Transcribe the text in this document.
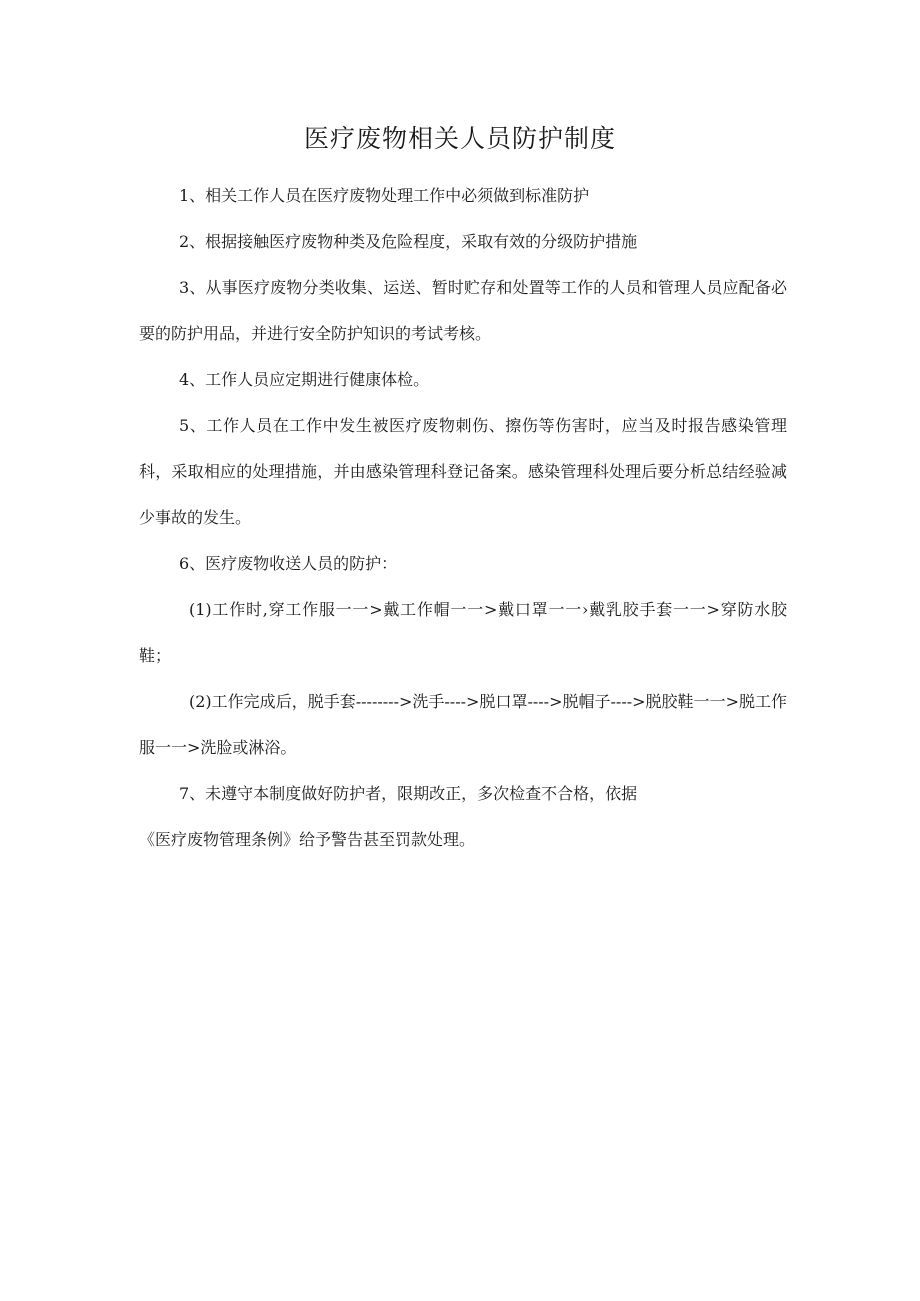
医疗废物相关人员防护制度

1、相关工作人员在医疗废物处理工作中必须做到标准防护

2、根据接触医疗废物种类及危险程度，采取有效的分级防护措施

3、从事医疗废物分类收集、运送、暂时贮存和处置等工作的人员和管理人员应配备必要的防护用品，并进行安全防护知识的考试考核。

4、工作人员应定期进行健康体检。

5、工作人员在工作中发生被医疗废物刺伤、擦伤等伤害时，应当及时报告感染管理科，采取相应的处理措施，并由感染管理科登记备案。感染管理科处理后要分析总结经验减少事故的发生。

6、医疗废物收送人员的防护：

(1)工作时,穿工作服一一>戴工作帽一一>戴口罩一一›戴乳胶手套一一>穿防水胶鞋；

(2)工作完成后，脱手套-------->洗手---->脱口罩---->脱帽子---->脱胶鞋一一>脱工作服一一>洗脸或淋浴。

7、未遵守本制度做好防护者，限期改正，多次检查不合格，依据

《医疗废物管理条例》给予警告甚至罚款处理。
